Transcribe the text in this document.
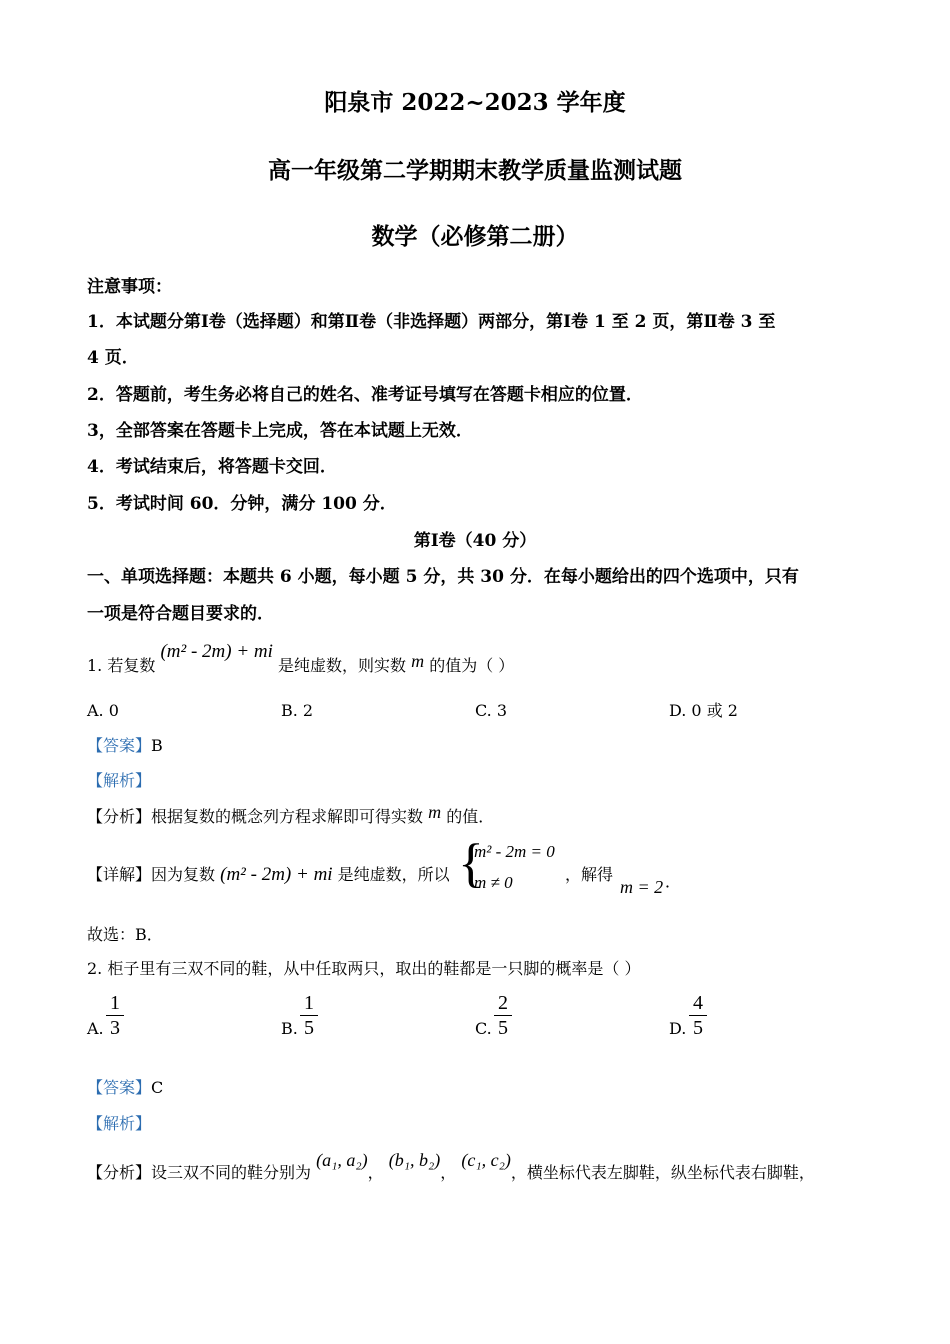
阳泉市 2022~2023 学年度
高一年级第二学期期末教学质量监测试题
数学（必修第二册）
注意事项：
1．本试题分第Ⅰ卷（选择题）和第Ⅱ卷（非选择题）两部分，第Ⅰ卷 1 至 2 页，第Ⅱ卷 3 至
4 页．
2．答题前，考生务必将自己的姓名、准考证号填写在答题卡相应的位置．
3，全部答案在答题卡上完成，答在本试题上无效．
4．考试结束后，将答题卡交回．
5．考试时间 60．分钟，满分 100 分．
第Ⅰ卷（40 分）
一、单项选择题：本题共 6 小题，每小题 5 分，共 30 分．在每小题给出的四个选项中，只有
一项是符合题目要求的．
1. 若复数 (m² - 2m) + mi 是纯虚数，则实数 m 的值为（ ）
A. 0	B. 2	C. 3	D. 0 或 2
【答案】B
【解析】
【分析】根据复数的概念列方程求解即可得实数 m 的值．
【详解】因为复数 (m² - 2m) + mi 是纯虚数，所以 {
m² - 2m = 0
m ≠ 0	，解得
m = 2 ．
故选：B．
2. 柜子里有三双不同的鞋，从中任取两只，取出的鞋都是一只脚的概率是（ ）
A.
1
3	B.
1
5	C.
2
5	D.
4
5
【答案】C
【解析】
【分析】设三双不同的鞋分别为 (a₁, a₂)， (b₁, b₂)， (c₁, c₂)，横坐标代表左脚鞋，纵坐标代表右脚鞋，
